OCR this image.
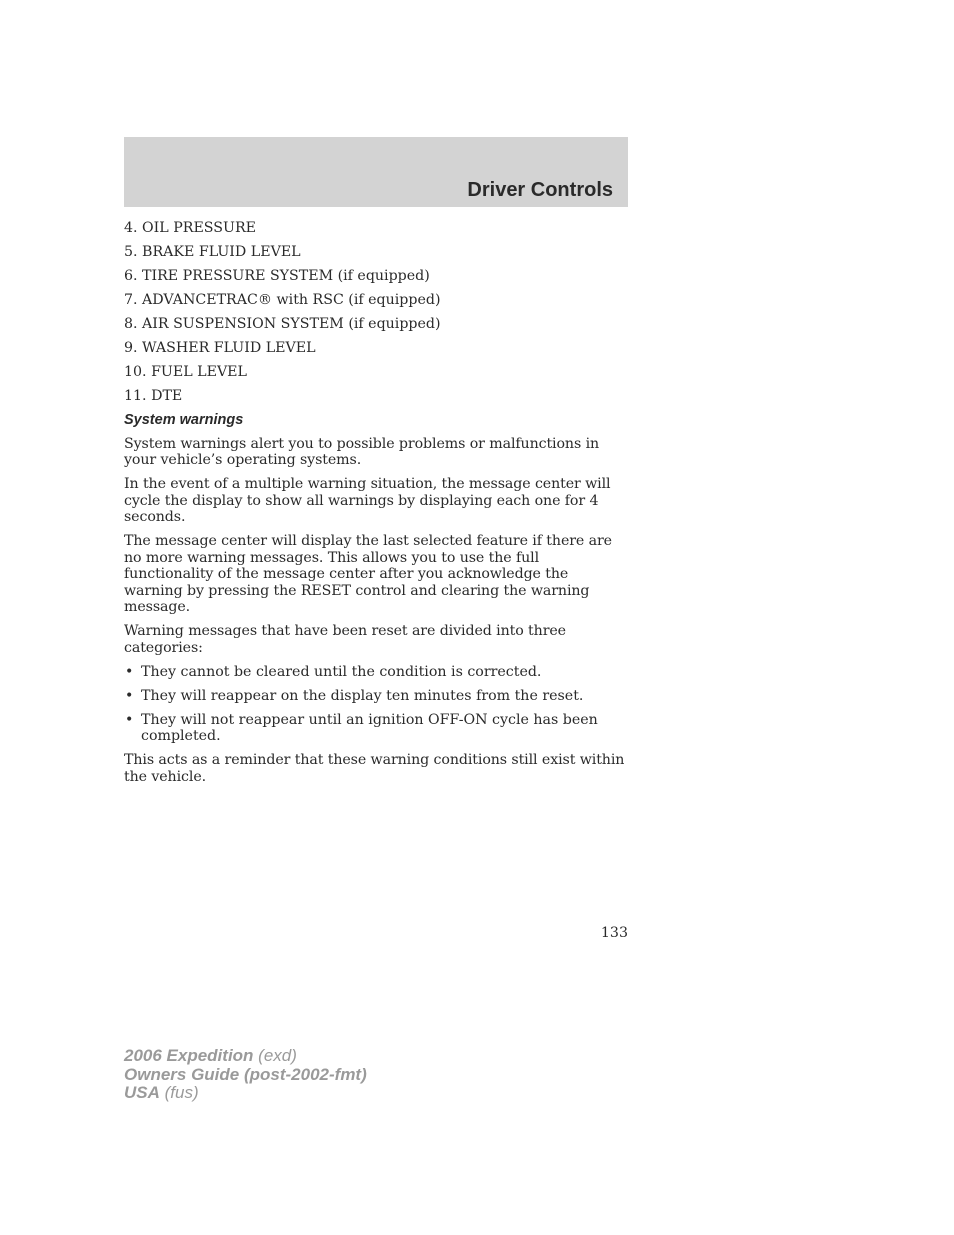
Driver Controls
4. OIL PRESSURE
5. BRAKE FLUID LEVEL
6. TIRE PRESSURE SYSTEM (if equipped)
7. ADVANCETRAC® with RSC (if equipped)
8. AIR SUSPENSION SYSTEM (if equipped)
9. WASHER FLUID LEVEL
10. FUEL LEVEL
11. DTE
System warnings

System warnings alert you to possible problems or malfunctions in your vehicle’s operating systems.

In the event of a multiple warning situation, the message center will cycle the display to show all warnings by displaying each one for 4 seconds.

The message center will display the last selected feature if there are no more warning messages. This allows you to use the full functionality of the message center after you acknowledge the warning by pressing the RESET control and clearing the warning message.

Warning messages that have been reset are divided into three categories:

• They cannot be cleared until the condition is corrected.
• They will reappear on the display ten minutes from the reset.
• They will not reappear until an ignition OFF-ON cycle has been completed.

This acts as a reminder that these warning conditions still exist within the vehicle.

133
2006 Expedition (exd)
Owners Guide (post-2002-fmt)
USA (fus)
